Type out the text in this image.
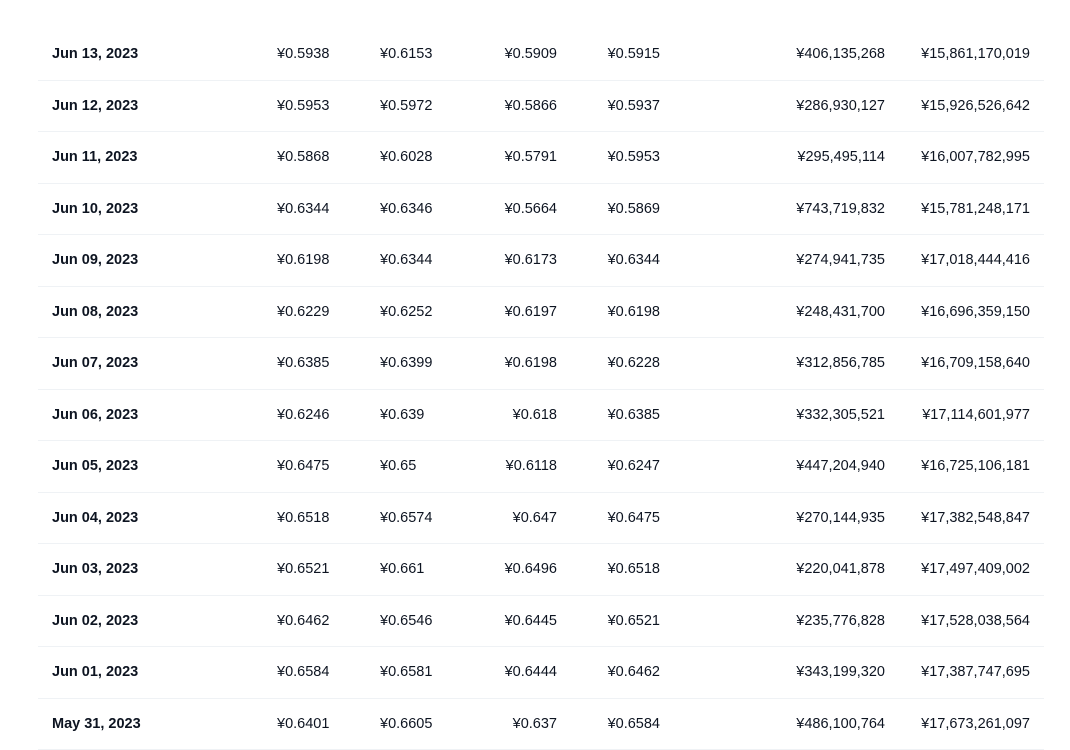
Jun 13, 2023	¥0.5938	¥0.6153	¥0.5909	¥0.5915	¥406,135,268 ¥15,861,170,019
Jun 12, 2023	¥0.5953	¥0.5972	¥0.5866	¥0.5937	¥286,930,127 ¥15,926,526,642
Jun 11, 2023	¥0.5868	¥0.6028	¥0.5791	¥0.5953	¥295,495,114 ¥16,007,782,995
Jun 10, 2023	¥0.6344	¥0.6346	¥0.5664	¥0.5869	¥743,719,832 ¥15,781,248,171
Jun 09, 2023	¥0.6198	¥0.6344	¥0.6173	¥0.6344	¥274,941,735 ¥17,018,444,416
Jun 08, 2023	¥0.6229	¥0.6252	¥0.6197	¥0.6198	¥248,431,700 ¥16,696,359,150
Jun 07, 2023	¥0.6385	¥0.6399	¥0.6198	¥0.6228	¥312,856,785 ¥16,709,158,640
Jun 06, 2023	¥0.6246	¥0.639	¥0.618	¥0.6385	¥332,305,521	¥17,114,601,977
Jun 05, 2023	¥0.6475	¥0.65	¥0.6118	¥0.6247	¥447,204,940 ¥16,725,106,181
Jun 04, 2023	¥0.6518	¥0.6574	¥0.647	¥0.6475	¥270,144,935 ¥17,382,548,847
Jun 03, 2023	¥0.6521	¥0.661	¥0.6496	¥0.6518	¥220,041,878 ¥17,497,409,002
Jun 02, 2023	¥0.6462	¥0.6546	¥0.6445	¥0.6521	¥235,776,828 ¥17,528,038,564
Jun 01, 2023	¥0.6584	¥0.6581	¥0.6444	¥0.6462	¥343,199,320 ¥17,387,747,695
May 31, 2023	¥0.6401	¥0.6605	¥0.637	¥0.6584	¥486,100,764 ¥17,673,261,097
